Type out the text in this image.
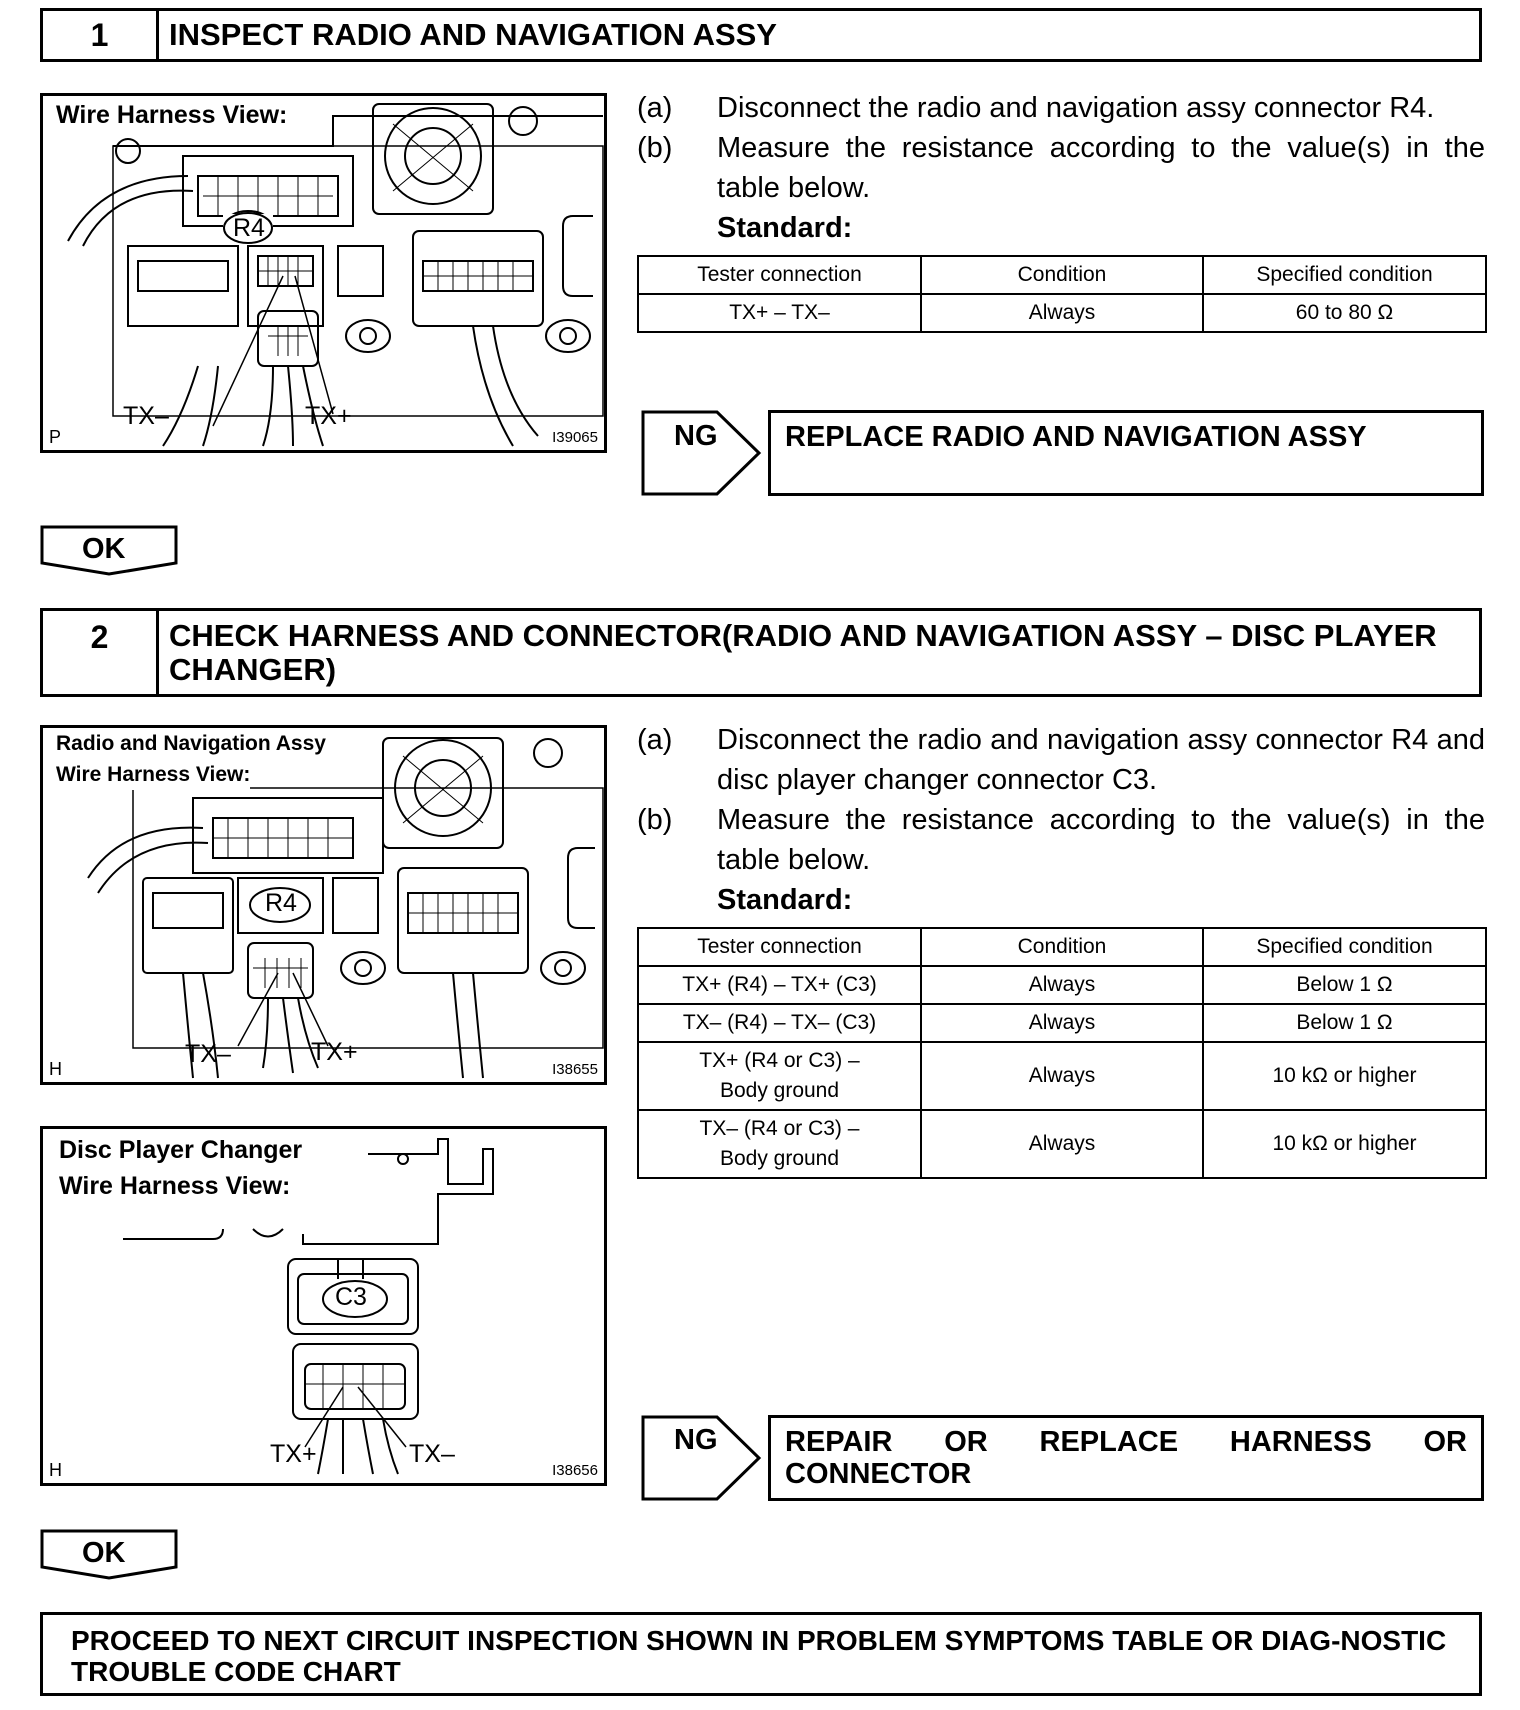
1	INSPECT RADIO AND NAVIGATION ASSY
R4
Wire Harness View:
TX–	TX+
P	I39065
(a)	Disconnect the radio and navigation assy connector R4.
(b)	Measure the resistance according to the value(s) in the table below.
Standard:
Tester connection	Condition	Specified condition
TX+ – TX–	Always	60 to 80 Ω
NG	REPLACE RADIO AND NAVIGATION ASSY
OK
2	CHECK HARNESS AND CONNECTOR(RADIO AND NAVIGATION ASSY – DISC PLAYER CHANGER)
R4
Radio and Navigation Assy
Wire Harness View:
TX–	TX+
H	I38655
C3
Disc Player Changer
Wire Harness View:
TX+	TX–
H	I38656
(a)	Disconnect the radio and navigation assy connector R4 and disc player changer connector C3.
(b)	Measure the resistance according to the value(s) in the table below.
Standard:
Tester connection	Condition	Specified condition
TX+ (R4) – TX+ (C3)	Always	Below 1 Ω
TX– (R4) – TX– (C3)	Always	Below 1 Ω

TX+ (R4 or C3) –
Body ground	Always	10 kΩ or higher

TX– (R4 or C3) –
Body ground	Always	10 kΩ or higher
NG REPAIR OR REPLACE HARNESS OR CONNECTOR
OK
PROCEED TO NEXT CIRCUIT INSPECTION SHOWN IN PROBLEM SYMPTOMS TABLE OR DIAG-NOSTIC TROUBLE CODE CHART
